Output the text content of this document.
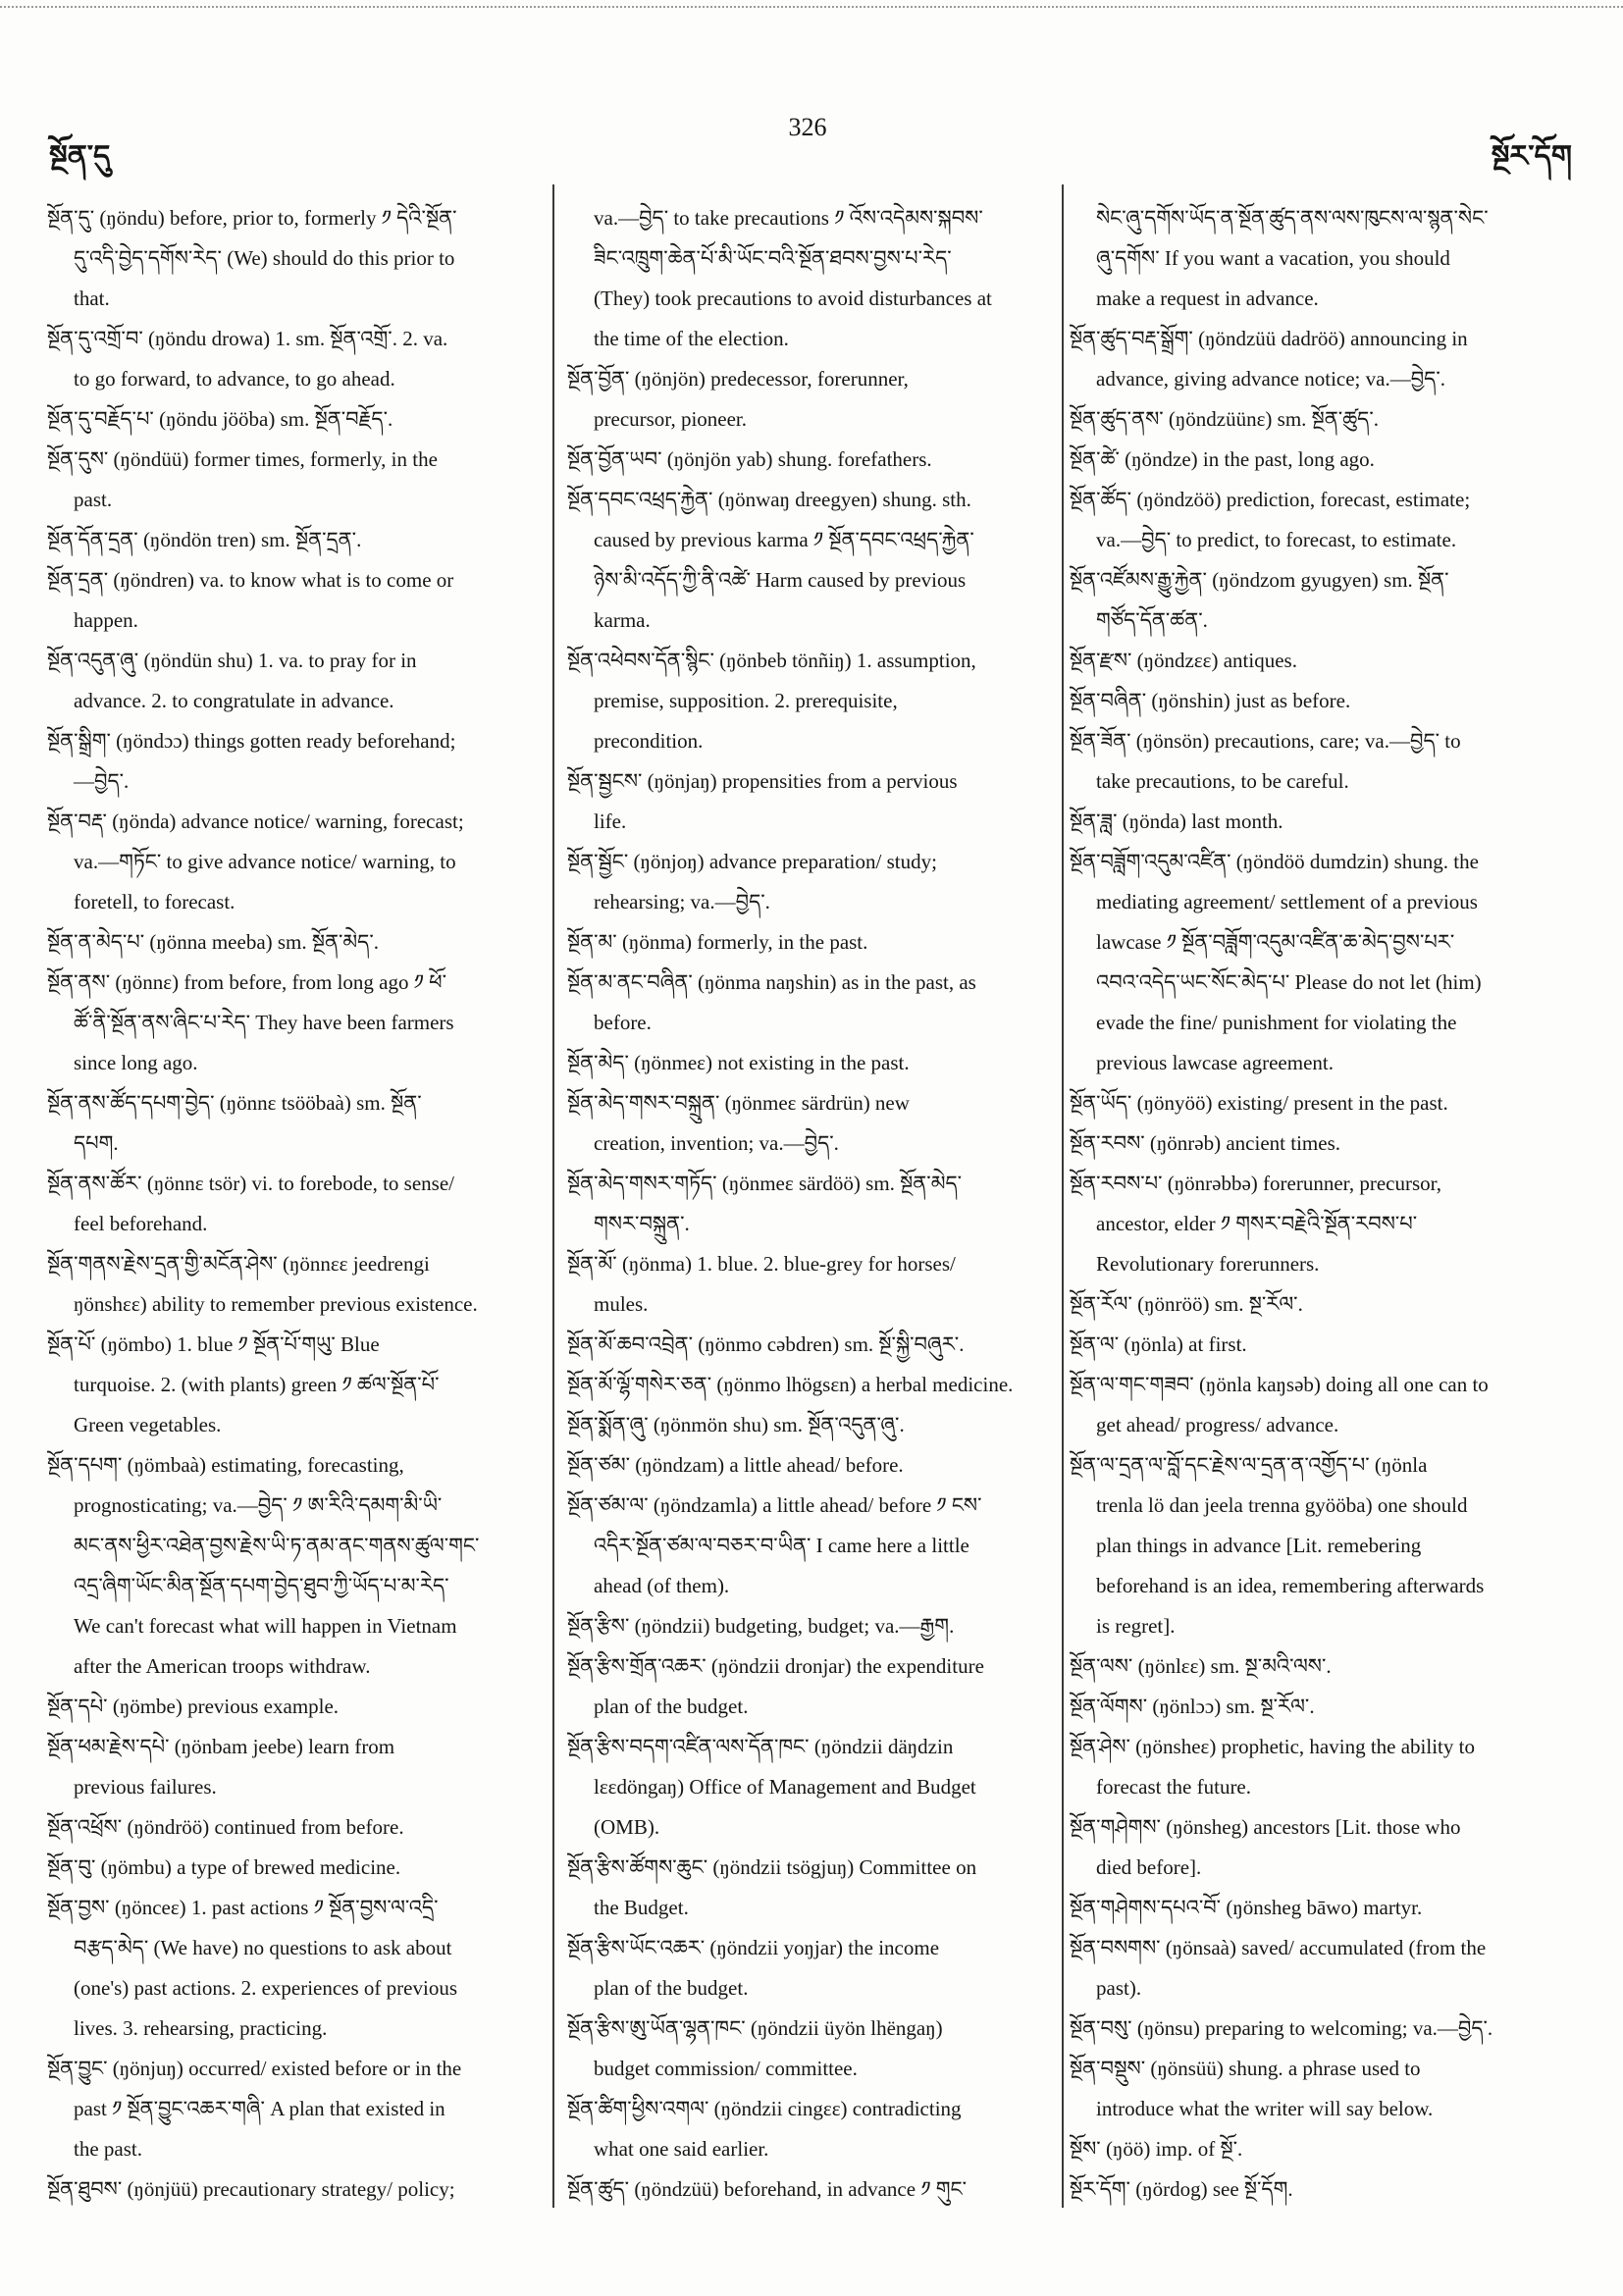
སྔོན་དུ
326
སྔོར་དོག
སྔོན་དུ་ (ŋöndu) before, prior to, formerly ༡ དེའི་སྔོན་
དུ་འདི་བྱེད་དགོས་རེད་ (We) should do this prior to
that.
སྔོན་དུ་འགྲོ་བ་ (ŋöndu drowa) 1. sm. སྔོན་འགྲོ་. 2. va.
to go forward, to advance, to go ahead.
སྔོན་དུ་བརྗོད་པ་ (ŋöndu jööba) sm. སྔོན་བརྗོད་.
སྔོན་དུས་ (ŋöndüü) former times, formerly, in the
past.
སྔོན་དོན་དྲན་ (ŋöndön tren) sm. སྔོན་དྲན་.
སྔོན་དྲན་ (ŋöndren) va. to know what is to come or
happen.
སྔོན་འདུན་ཞུ་ (ŋöndün shu) 1. va. to pray for in
advance. 2. to congratulate in advance.
སྔོན་སྒྲིག་ (ŋöndɔɔ) things gotten ready beforehand;
—བྱེད་.
སྔོན་བརྡ་ (ŋönda) advance notice/ warning, forecast;
va.—གཏོང་ to give advance notice/ warning, to
foretell, to forecast.
སྔོན་ན་མེད་པ་ (ŋönna meeba) sm. སྔོན་མེད་.
སྔོན་ནས་ (ŋönnɛ) from before, from long ago ༡ ཕོ་
ཚོ་ནི་སྔོན་ནས་ཞིང་པ་རེད་ They have been farmers
since long ago.
སྔོན་ནས་ཚོད་དཔག་བྱེད་ (ŋönnɛ tsööbaà) sm. སྔོན་
དཔག.
སྔོན་ནས་ཚོར་ (ŋönnɛ tsör) vi. to forebode, to sense/
feel beforehand.
སྔོན་གནས་རྗེས་དྲན་གྱི་མངོན་ཤེས་ (ŋönnɛɛ jeedrengi
ŋönshɛɛ) ability to remember previous existence.
སྔོན་པོ་ (ŋömbo) 1. blue ༡ སྔོན་པོ་གཡུ་ Blue
turquoise. 2. (with plants) green ༡ ཚལ་སྔོན་པོ་
Green vegetables.
སྔོན་དཔག་ (ŋömbaà) estimating, forecasting,
prognosticating; va.—བྱེད་ ༡ ཨ་རིའི་དམག་མི་ཡི་
མང་ནས་ཕྱིར་འཐེན་བྱས་རྗེས་ཡི་ཏ་ནམ་ནང་གནས་ཚུལ་གང་
འདྲ་ཞིག་ཡོང་མིན་སྔོན་དཔག་བྱེད་ཐུབ་ཀྱི་ཡོད་པ་མ་རེད་
We can't forecast what will happen in Vietnam
after the American troops withdraw.
སྔོན་དཔེ་ (ŋömbe) previous example.
སྔོན་ཕམ་རྗེས་དཔེ་ (ŋönbam jeebe) learn from
previous failures.
སྔོན་འཕྲོས་ (ŋöndröö) continued from before.
སྔོན་བུ་ (ŋömbu) a type of brewed medicine.
སྔོན་བྱས་ (ŋönceɛ) 1. past actions ༡ སྔོན་བྱས་ལ་འདྲི་
བརྩད་མེད་ (We have) no questions to ask about
(one's) past actions. 2. experiences of previous
lives. 3. rehearsing, practicing.
སྔོན་བྱུང་ (ŋönjuŋ) occurred/ existed before or in the
past ༡ སྔོན་བྱུང་འཆར་གཞི་ A plan that existed in
the past.
སྔོན་ཐུབས་ (ŋönjüü) precautionary strategy/ policy;
va.—བྱེད་ to take precautions ༡ འོས་འདེམས་སྐབས་
ཟིང་འཁྲུག་ཆེན་པོ་མི་ཡོང་བའི་སྔོན་ཐབས་བྱས་པ་རེད་
(They) took precautions to avoid disturbances at
the time of the election.
སྔོན་བྱོན་ (ŋönjön) predecessor, forerunner,
precursor, pioneer.
སྔོན་བྱོན་ཡབ་ (ŋönjön yab) shung. forefathers.
སྔོན་དབང་འཕྲད་རྐྱེན་ (ŋönwaŋ dreegyen) shung. sth.
caused by previous karma ༡ སྔོན་དབང་འཕྲད་རྐྱེན་
ཉེས་མི་འདོད་ཀྱི་ནི་འཚེ་ Harm caused by previous
karma.
སྔོན་འཕེབས་དོན་སྙིང་ (ŋönbeb tönñiŋ) 1. assumption,
premise, supposition. 2. prerequisite,
precondition.
སྔོན་སྦྱངས་ (ŋönjaŋ) propensities from a pervious
life.
སྔོན་སྦྱོང་ (ŋönjoŋ) advance preparation/ study;
rehearsing; va.—བྱེད་.
སྔོན་མ་ (ŋönma) formerly, in the past.
སྔོན་མ་ནང་བཞིན་ (ŋönma naŋshin) as in the past, as
before.
སྔོན་མེད་ (ŋönmeɛ) not existing in the past.
སྔོན་མེད་གསར་བསྐྲུན་ (ŋönmeɛ särdrün) new
creation, invention; va.—བྱེད་.
སྔོན་མེད་གསར་གཏོད་ (ŋönmeɛ särdöö) sm. སྔོན་མེད་
གསར་བསྐྲུན་.
སྔོན་མོ་ (ŋönma) 1. blue. 2. blue-grey for horses/
mules.
སྔོན་མོ་ཆབ་འབྲེན་ (ŋönmo cəbdren) sm. སྔོ་སྐྱི་བཞུར་.
སྔོན་མོ་ལྷོ་གསེར་ཅན་ (ŋönmo lhögsɛn) a herbal medicine.
སྔོན་སྨོན་ཞུ་ (ŋönmön shu) sm. སྔོན་འདུན་ཞུ་.
སྔོན་ཙམ་ (ŋöndzam) a little ahead/ before.
སྔོན་ཙམ་ལ་ (ŋöndzamla) a little ahead/ before ༡ ངས་
འདིར་སྔོན་ཙམ་ལ་བཅར་བ་ཡིན་ I came here a little
ahead (of them).
སྔོན་རྩིས་ (ŋöndzii) budgeting, budget; va.—རྒྱག.
སྔོན་རྩིས་གྲོན་འཆར་ (ŋöndzii dronjar) the expenditure
plan of the budget.
སྔོན་རྩིས་བདག་འཛིན་ལས་དོན་ཁང་ (ŋöndzii däŋdzin
lɛɛdöngaŋ) Office of Management and Budget
(OMB).
སྔོན་རྩིས་ཚོགས་ཆུང་ (ŋöndzii tsögjuŋ) Committee on
the Budget.
སྔོན་རྩིས་ཡོང་འཆར་ (ŋöndzii yoŋjar) the income
plan of the budget.
སྔོན་རྩིས་ཨུ་ཡོན་ལྷན་ཁང་ (ŋöndzii üyön lhëngaŋ)
budget commission/ committee.
སྔོན་ཚིག་ཕྱིས་འགལ་ (ŋöndzii cingɛɛ) contradicting
what one said earlier.
སྔོན་ཚུད་ (ŋöndzüü) beforehand, in advance ༡ གུང་
སེང་ཞུ་དགོས་ཡོད་ན་སྔོན་ཚུད་ནས་ལས་ཁུངས་ལ་སྙན་སེང་
ཞུ་དགོས་ If you want a vacation, you should
make a request in advance.
སྔོན་ཚུད་བརྡ་སྒྲོག་ (ŋöndzüü dadröö) announcing in
advance, giving advance notice; va.—བྱེད་.
སྔོན་ཚུད་ནས་ (ŋöndzüünɛ) sm. སྔོན་ཚུད་.
སྔོན་ཚེ་ (ŋöndze) in the past, long ago.
སྔོན་ཚོད་ (ŋöndzöö) prediction, forecast, estimate;
va.—བྱེད་ to predict, to forecast, to estimate.
སྔོན་འཛོམས་རྒྱུ་རྐྱེན་ (ŋöndzom gyugyen) sm. སྔོན་
གཙོད་དོན་ཚན་.
སྔོན་རྫས་ (ŋöndzɛɛ) antiques.
སྔོན་བཞིན་ (ŋönshin) just as before.
སྔོན་ཟོན་ (ŋönsön) precautions, care; va.—བྱེད་ to
take precautions, to be careful.
སྔོན་ཟླ་ (ŋönda) last month.
སྔོན་བཟློག་འདུམ་འཛིན་ (ŋöndöö dumdzin) shung. the
mediating agreement/ settlement of a previous
lawcase ༡ སྔོན་བཟློག་འདུམ་འཛིན་ཆ་མེད་བྱས་པར་
འབའ་འདེད་ཡང་སོང་མེད་པ་ Please do not let (him)
evade the fine/ punishment for violating the
previous lawcase agreement.
སྔོན་ཡོད་ (ŋönyöö) existing/ present in the past.
སྔོན་རབས་ (ŋönrəb) ancient times.
སྔོན་རབས་པ་ (ŋönrəbbə) forerunner, precursor,
ancestor, elder ༡ གསར་བརྗེའི་སྔོན་རབས་པ་
Revolutionary forerunners.
སྔོན་རོལ་ (ŋönröö) sm. སྔ་རོལ་.
སྔོན་ལ་ (ŋönla) at first.
སྔོན་ལ་གང་གཟབ་ (ŋönla kaŋsəb) doing all one can to
get ahead/ progress/ advance.
སྔོན་ལ་དྲན་ལ་བློ་དང་རྗེས་ལ་དྲན་ན་འགྱོད་པ་ (ŋönla
trenla lö dan jeela trenna gyööba) one should
plan things in advance [Lit. remebering
beforehand is an idea, remembering afterwards
is regret].
སྔོན་ལས་ (ŋönlɛɛ) sm. སྔ་མའི་ལས་.
སྔོན་ལོགས་ (ŋönlɔɔ) sm. སྔ་རོལ་.
སྔོན་ཤེས་ (ŋönsheɛ) prophetic, having the ability to
forecast the future.
སྔོན་གཤེགས་ (ŋönsheg) ancestors [Lit. those who
died before].
སྔོན་གཤེགས་དཔའ་བོ་ (ŋönsheg bāwo) martyr.
སྔོན་བསགས་ (ŋönsaà) saved/ accumulated (from the
past).
སྔོན་བསུ་ (ŋönsu) preparing to welcoming; va.—བྱེད་.
སྔོན་བསྡུས་ (ŋönsüü) shung. a phrase used to
introduce what the writer will say below.
སྔོས་ (ŋöö) imp. of སྔོ་.
སྔོར་དོག་ (ŋördog) see སྔོ་དོག.
